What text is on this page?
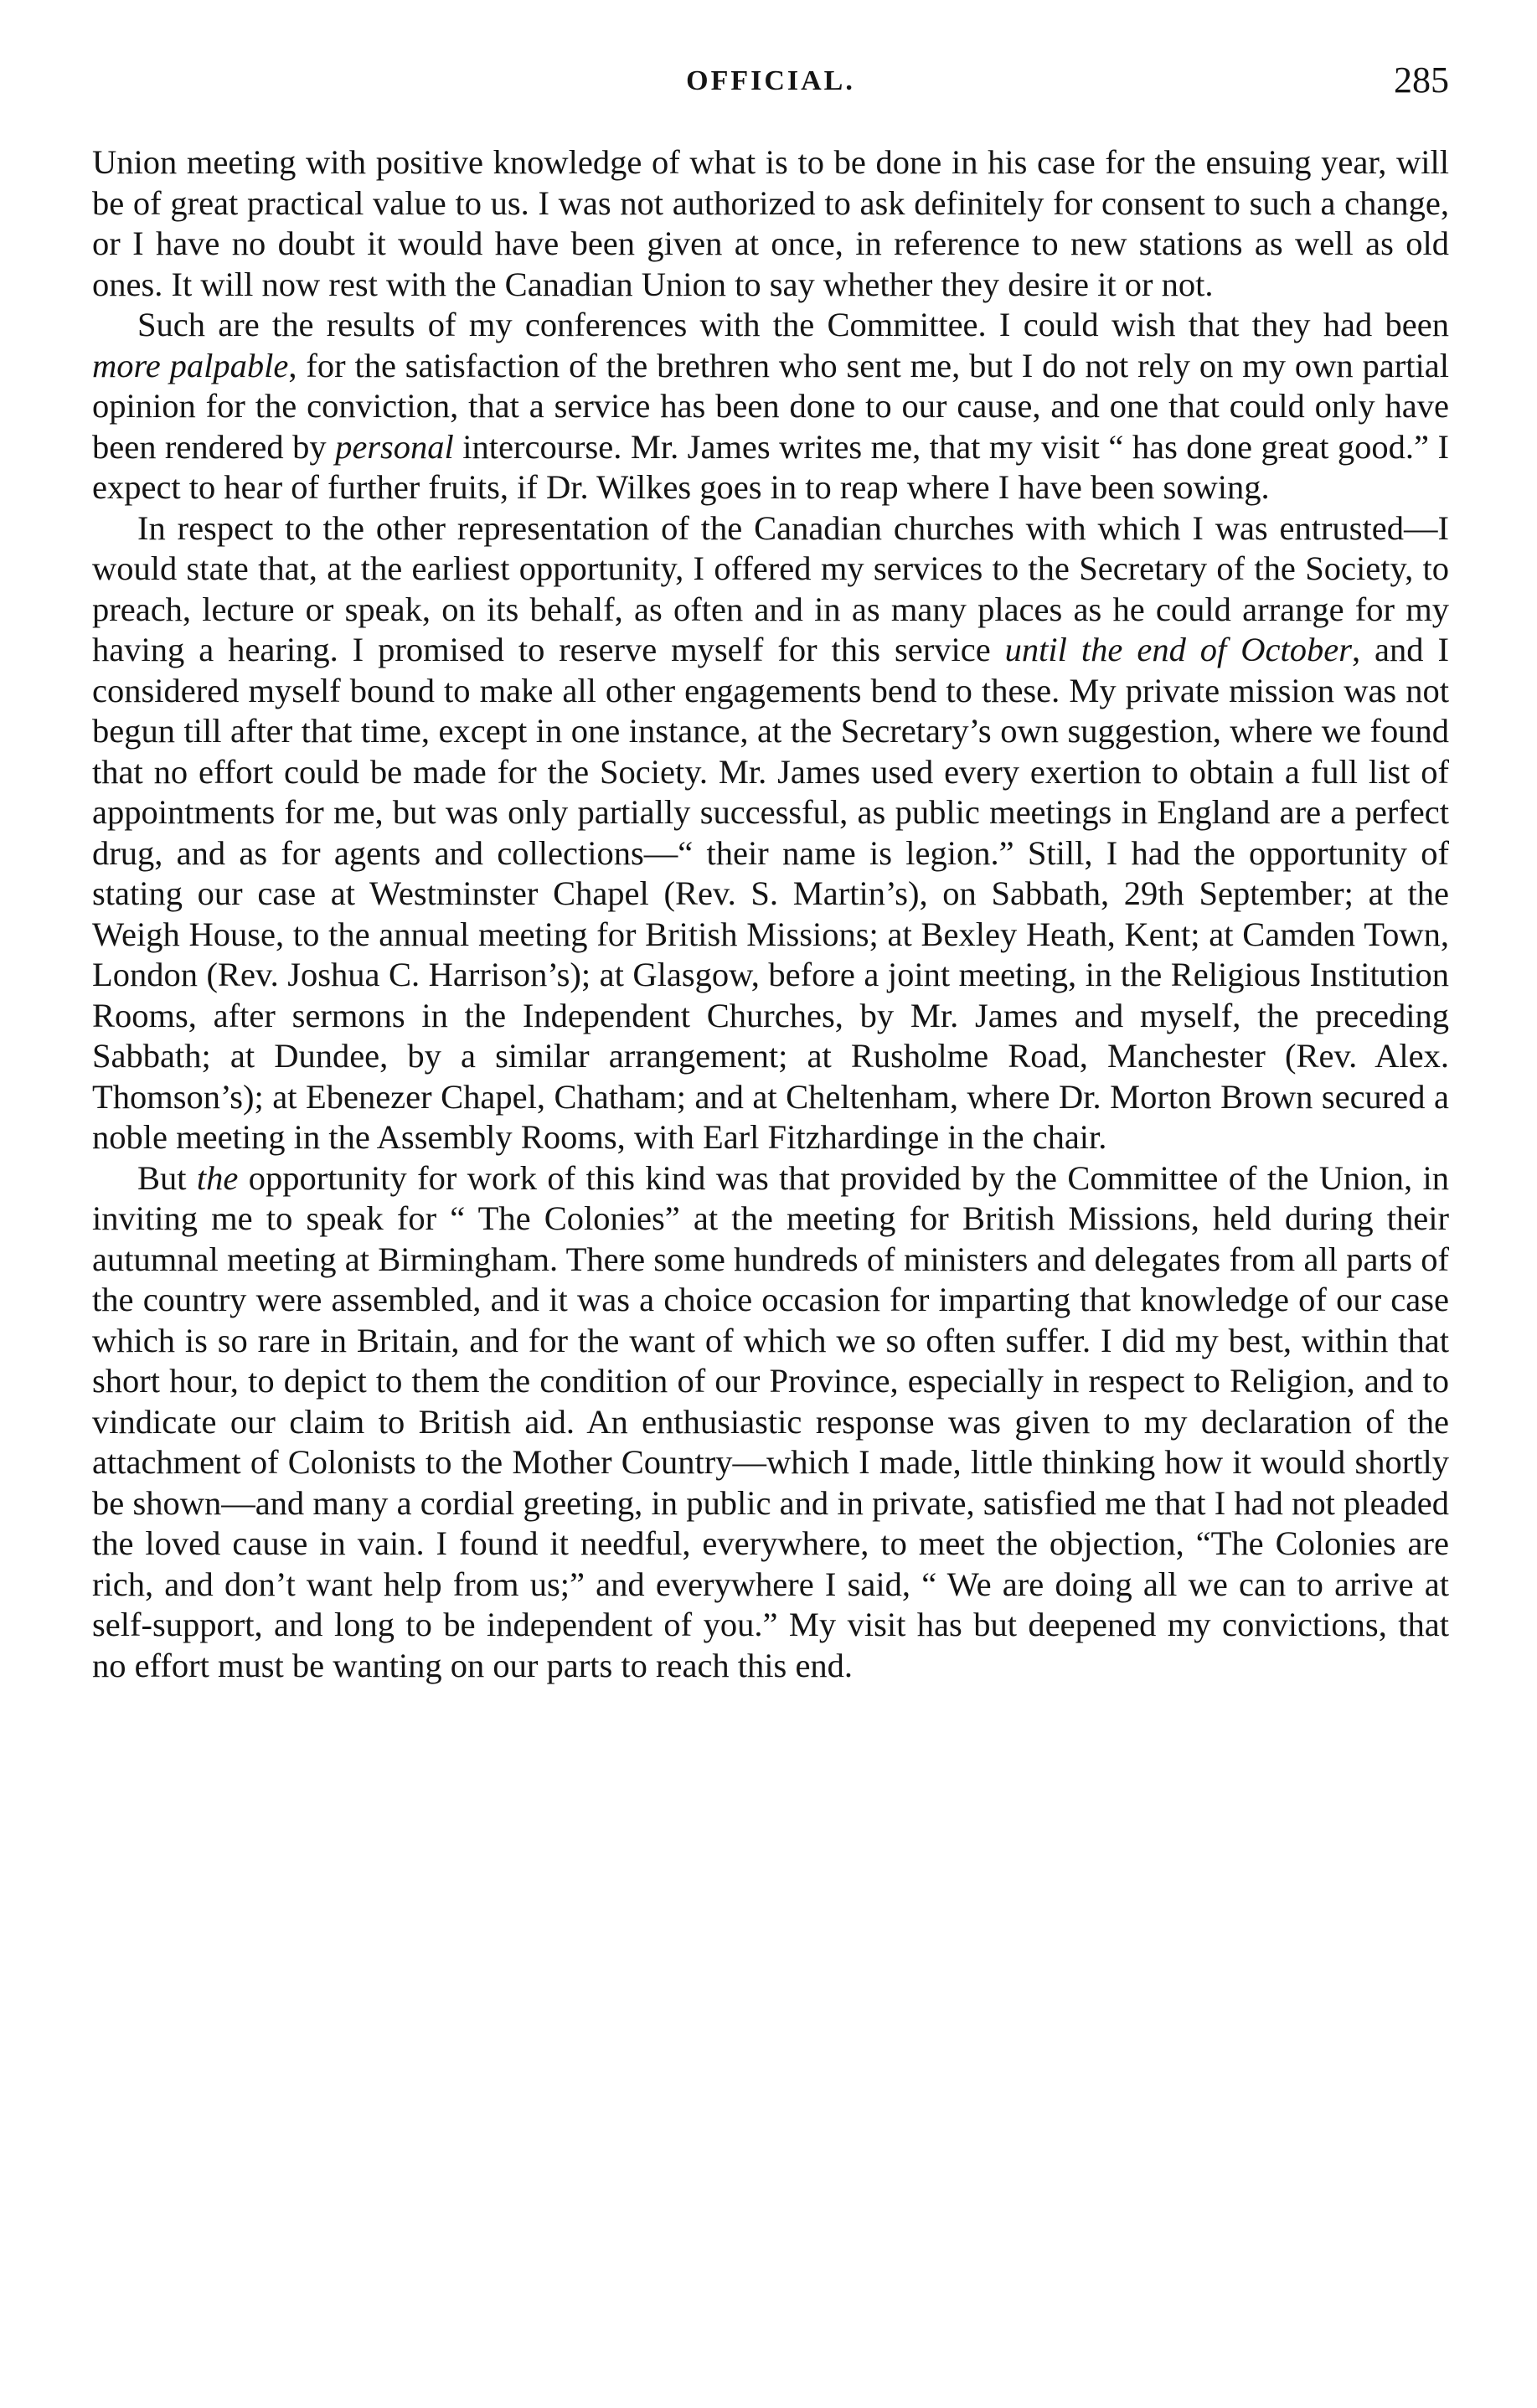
OFFICIAL.	285

Union meeting with positive knowledge of what is to be done in his case for the ensuing year, will be of great practical value to us. I was not authorized to ask definitely for consent to such a change, or I have no doubt it would have been given at once, in reference to new stations as well as old ones. It will now rest with the Canadian Union to say whether they desire it or not.

Such are the results of my conferences with the Committee. I could wish that they had been more palpable, for the satisfaction of the brethren who sent me, but I do not rely on my own partial opinion for the conviction, that a service has been done to our cause, and one that could only have been rendered by personal intercourse. Mr. James writes me, that my visit “ has done great good.” I expect to hear of further fruits, if Dr. Wilkes goes in to reap where I have been sowing.

In respect to the other representation of the Canadian churches with which I was entrusted—I would state that, at the earliest opportunity, I offered my services to the Secretary of the Society, to preach, lecture or speak, on its behalf, as often and in as many places as he could arrange for my having a hearing. I promised to reserve myself for this service until the end of October, and I considered myself bound to make all other engagements bend to these. My private mission was not begun till after that time, except in one instance, at the Secretary’s own suggestion, where we found that no effort could be made for the Society. Mr. James used every exertion to obtain a full list of appointments for me, but was only partially successful, as public meetings in England are a perfect drug, and as for agents and collections—“ their name is legion.” Still, I had the opportunity of stating our case at Westminster Chapel (Rev. S. Martin’s), on Sabbath, 29th September; at the Weigh House, to the annual meeting for British Missions; at Bexley Heath, Kent; at Camden Town, London (Rev. Joshua C. Harrison’s); at Glasgow, before a joint meeting, in the Religious Institution Rooms, after sermons in the Independent Churches, by Mr. James and myself, the preceding Sabbath; at Dundee, by a similar arrangement; at Rusholme Road, Manchester (Rev. Alex. Thomson’s); at Ebenezer Chapel, Chatham; and at Cheltenham, where Dr. Morton Brown secured a noble meeting in the Assembly Rooms, with Earl Fitzhardinge in the chair.

But the opportunity for work of this kind was that provided by the Committee of the Union, in inviting me to speak for “ The Colonies” at the meeting for British Missions, held during their autumnal meeting at Birmingham. There some hundreds of ministers and delegates from all parts of the country were assembled, and it was a choice occasion for imparting that knowledge of our case which is so rare in Britain, and for the want of which we so often suffer. I did my best, within that short hour, to depict to them the condition of our Province, especially in respect to Religion, and to vindicate our claim to British aid. An enthusiastic response was given to my declaration of the attachment of Colonists to the Mother Country—which I made, little thinking how it would shortly be shown—and many a cordial greeting, in public and in private, satisfied me that I had not pleaded the loved cause in vain. I found it needful, everywhere, to meet the objection, “The Colonies are rich, and don’t want help from us;” and everywhere I said, “ We are doing all we can to arrive at self-support, and long to be independent of you.” My visit has but deepened my convictions, that no effort must be wanting on our parts to reach this end.
